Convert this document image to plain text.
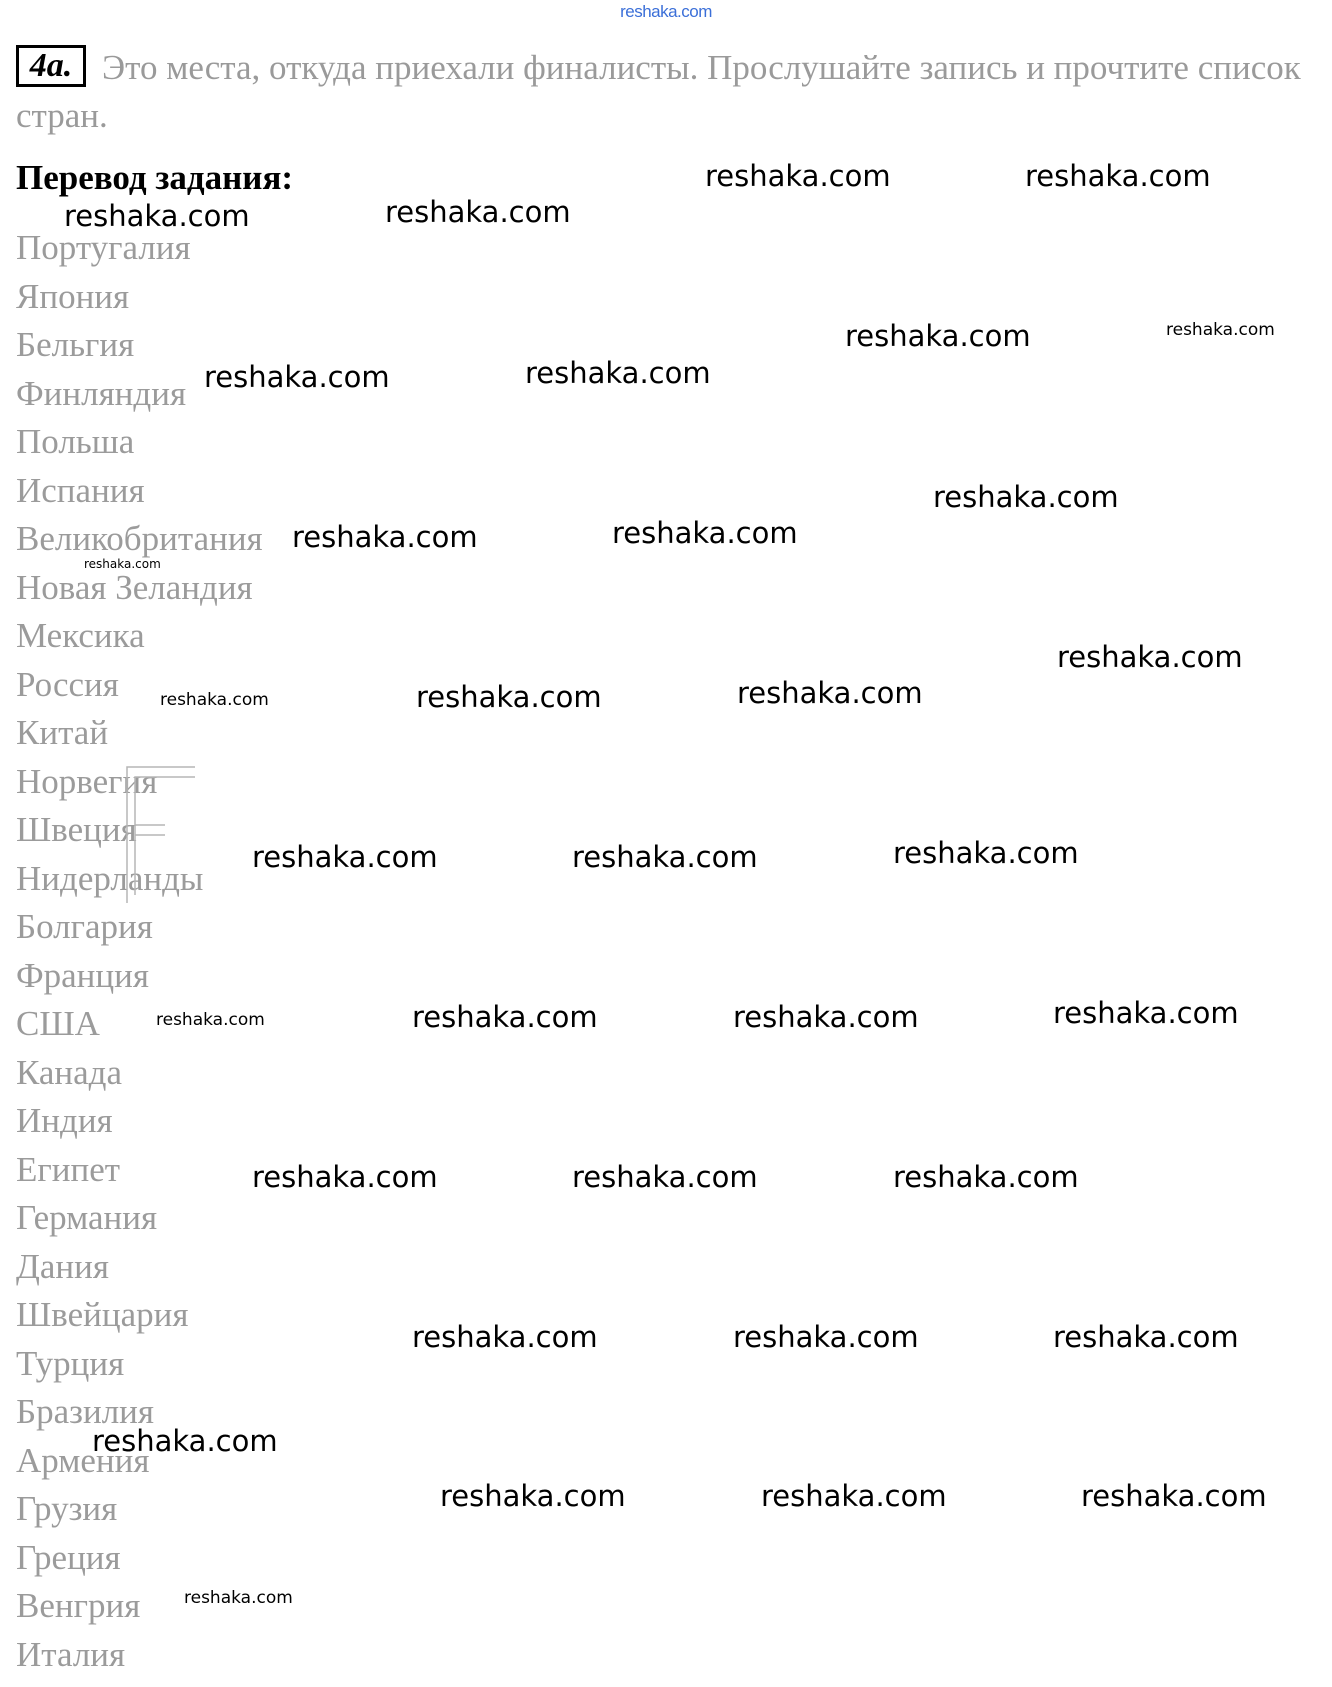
reshaka.com
4a. Это места, откуда приехали финалисты. Прослушайте запись и прочтите список стран.

Перевод задания:

Португалия
Япония
Бельгия
Финляндия
Польша
Испания
Великобритания
Новая Зеландия
Мексика
Россия
Китай
Норвегия
Швеция
Нидерланды
Болгария
Франция
США
Канада
Индия
Египет
Германия
Дания
Швейцария
Турция
Бразилия
Армения
Грузия
Греция
Венгрия
Италия
reshaka.com	reshaka.com
reshaka.com	reshaka.com
reshaka.com	reshaka.com
reshaka.com	reshaka.com
reshaka.com
reshaka.com	reshaka.com
reshaka.com
reshaka.com
reshaka.com	reshaka.com	reshaka.com
reshaka.com	reshaka.com	reshaka.com
reshaka.com	reshaka.com	reshaka.com	reshaka.com
reshaka.com	reshaka.com	reshaka.com
reshaka.com	reshaka.com	reshaka.com
reshaka.com
reshaka.com	reshaka.com	reshaka.com
reshaka.com
